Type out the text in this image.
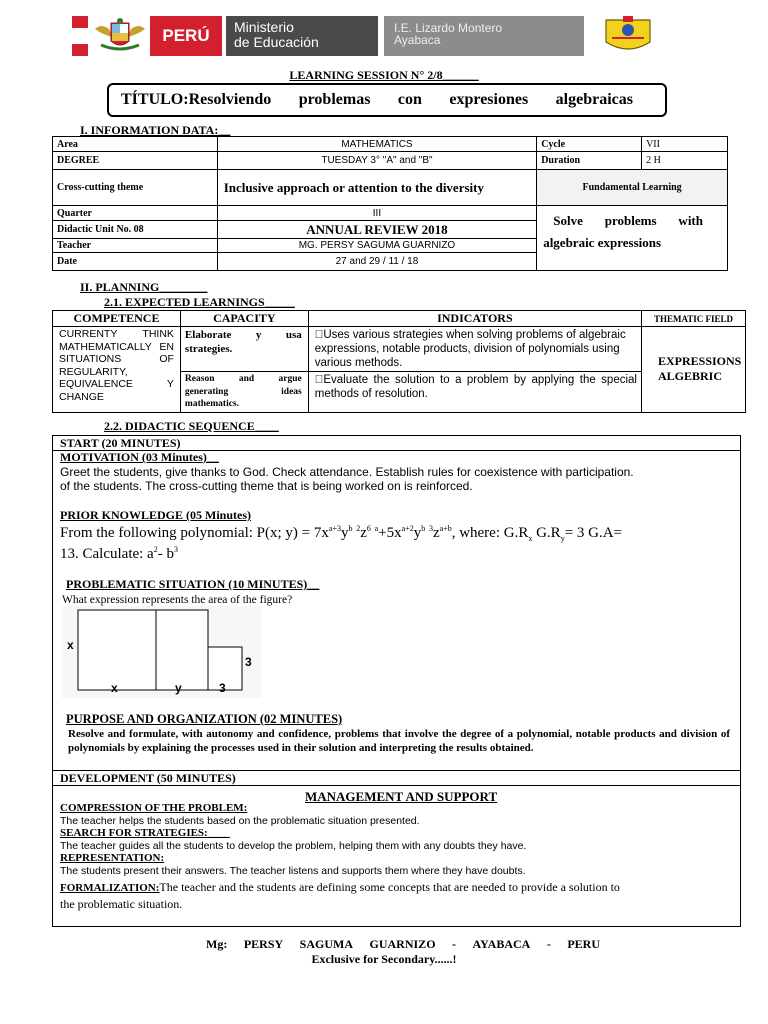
PERÚ	Ministerio
de Educación
I.E. Lizardo Montero
Ayabaca
LEARNING SESSION N° 2/8______
TÍTULO:Resolviendo problemas con expresiones algebraicas
I. INFORMATION DATA:__
Area	MATHEMATICS	Cycle	VII
DEGREE	TUESDAY 3° "A" and "B"	Duration	2 H
Cross-cutting theme	Inclusive approach or attention to the diversity	Fundamental Learning	
Quarter	III	Solve problems with algebraic expressions	
Didactic Unit No. 08	ANNUAL REVIEW 2018		
Teacher	MG. PERSY SAGUMA GUARNIZO		
Date	27 and 29 / 11 / 18		
II. PLANNING________
2.1. EXPECTED LEARNINGS_____
COMPETENCE	CAPACITY	INDICATORS	THEMATIC FIELD
CURRENTY THINK MATHEMATICALLY EN SITUATIONS OF REGULARITY, EQUIVALENCE Y CHANGE	Elaborate y usa strategies.	Uses various strategies when solving problems of algebraic expressions, notable products, division of polynomials using various methods.	EXPRESSIONS ALGEBRIC
	Reason and argue generating ideas mathematics.	Evaluate the solution to a problem by applying the special methods of resolution.	
2.2. DIDACTIC SEQUENCE____
START (20 MINUTES)
MOTIVATION (03 Minutes)__
Greet the students, give thanks to God. Check attendance. Establish rules for coexistence with participation.
of the students. The cross-cutting theme that is being worked on is reinforced.
PRIOR KNOWLEDGE (05 Minutes)
From the following polynomial: P(x; $y) = 7x^{a+3}y^b$ $^2z^6$ $^a+5x^{a+2}y^b$ $^3z^{a+b}$, where: $G.R_x$ $G.R_y= 3$ G.A=
13. Calculate: $a^2-$ $b^3$
PROBLEMATIC SITUATION (10 MINUTES)__
What expression represents the area of the figure?
x
x	y	3
3
PURPOSE AND ORGANIZATION (02 MINUTES)
Resolve and formulate, with autonomy and confidence, problems that involve the degree of a polynomial, notable products and division of polynomials by explaining the processes used in their solution and interpreting the results obtained.
DEVELOPMENT (50 MINUTES)
MANAGEMENT AND SUPPORT
COMPRESSION OF THE PROBLEM:
The teacher helps the students based on the problematic situation presented.
SEARCH FOR STRATEGIES:____
The teacher guides all the students to develop the problem, helping them with any doubts they have.
REPRESENTATION:
The students present their answers. The teacher listens and supports them where they have doubts.
FORMALIZATION:The teacher and the students are defining some concepts that are needed to provide a solution to
the problematic situation.
Mg: PERSY SAGUMA GUARNIZO - AYABACA - PERU
Exclusive for Secondary......!
